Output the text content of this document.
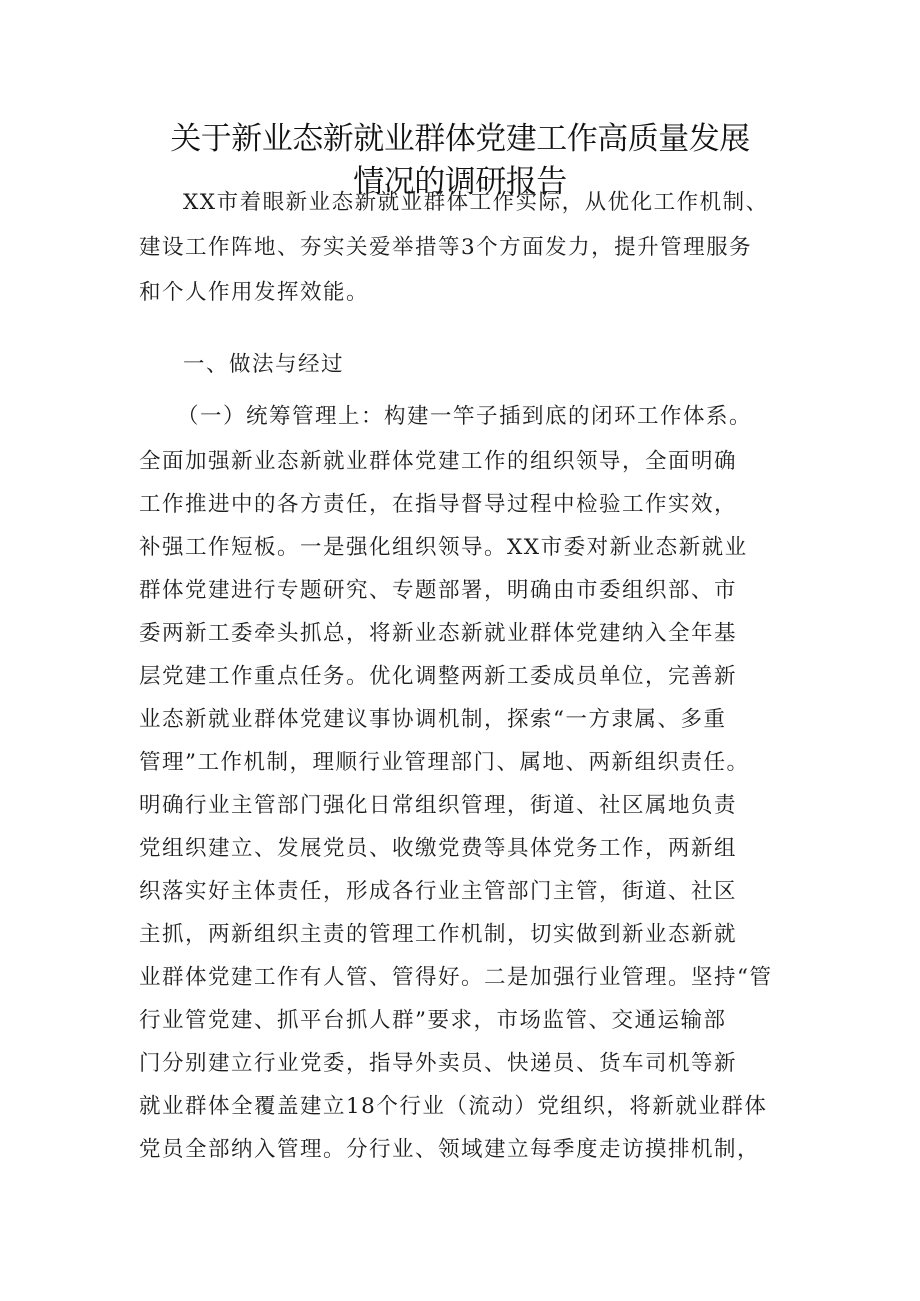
关于新业态新就业群体党建工作高质量发展
情况的调研报告
XX市着眼新业态新就业群体工作实际，从优化工作机制、
建设工作阵地、夯实关爱举措等3个方面发力，提升管理服务
和个人作用发挥效能。
一、做法与经过
（一）统筹管理上：构建一竿子插到底的闭环工作体系。
全面加强新业态新就业群体党建工作的组织领导，全面明确
工作推进中的各方责任，在指导督导过程中检验工作实效，
补强工作短板。一是强化组织领导。XX市委对新业态新就业
群体党建进行专题研究、专题部署，明确由市委组织部、市
委两新工委牵头抓总，将新业态新就业群体党建纳入全年基
层党建工作重点任务。优化调整两新工委成员单位，完善新
业态新就业群体党建议事协调机制，探索“一方隶属、多重
管理”工作机制，理顺行业管理部门、属地、两新组织责任。
明确行业主管部门强化日常组织管理，街道、社区属地负责
党组织建立、发展党员、收缴党费等具体党务工作，两新组
织落实好主体责任，形成各行业主管部门主管，街道、社区
主抓，两新组织主责的管理工作机制，切实做到新业态新就
业群体党建工作有人管、管得好。二是加强行业管理。坚持“管
行业管党建、抓平台抓人群”要求，市场监管、交通运输部
门分别建立行业党委，指导外卖员、快递员、货车司机等新
就业群体全覆盖建立18个行业（流动）党组织，将新就业群体
党员全部纳入管理。分行业、领域建立每季度走访摸排机制，
